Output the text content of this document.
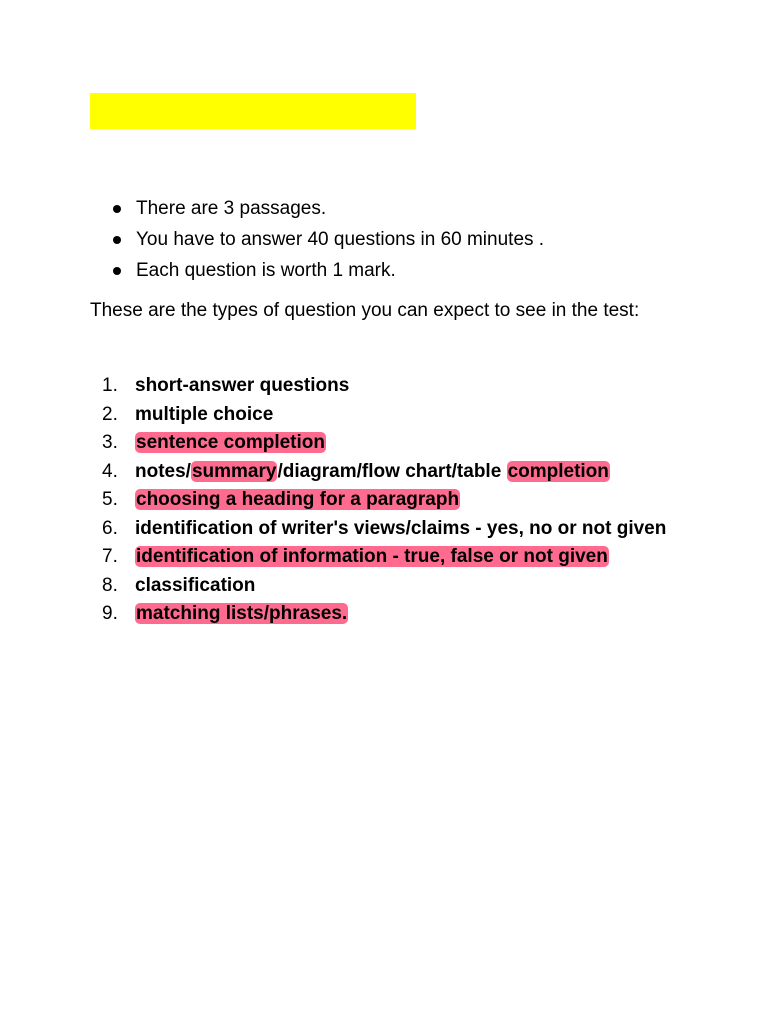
There are 3 passages.
You have to answer 40 questions in 60 minutes .
Each question is worth 1 mark.

These are the types of question you can expect to see in the test:

1. short-answer questions
2. multiple choice
3. sentence completion
4. notes/summary/diagram/flow chart/table completion
5. choosing a heading for a paragraph
6. identification of writer's views/claims - yes, no or not given
7. identification of information - true, false or not given
8. classification
9. matching lists/phrases.
